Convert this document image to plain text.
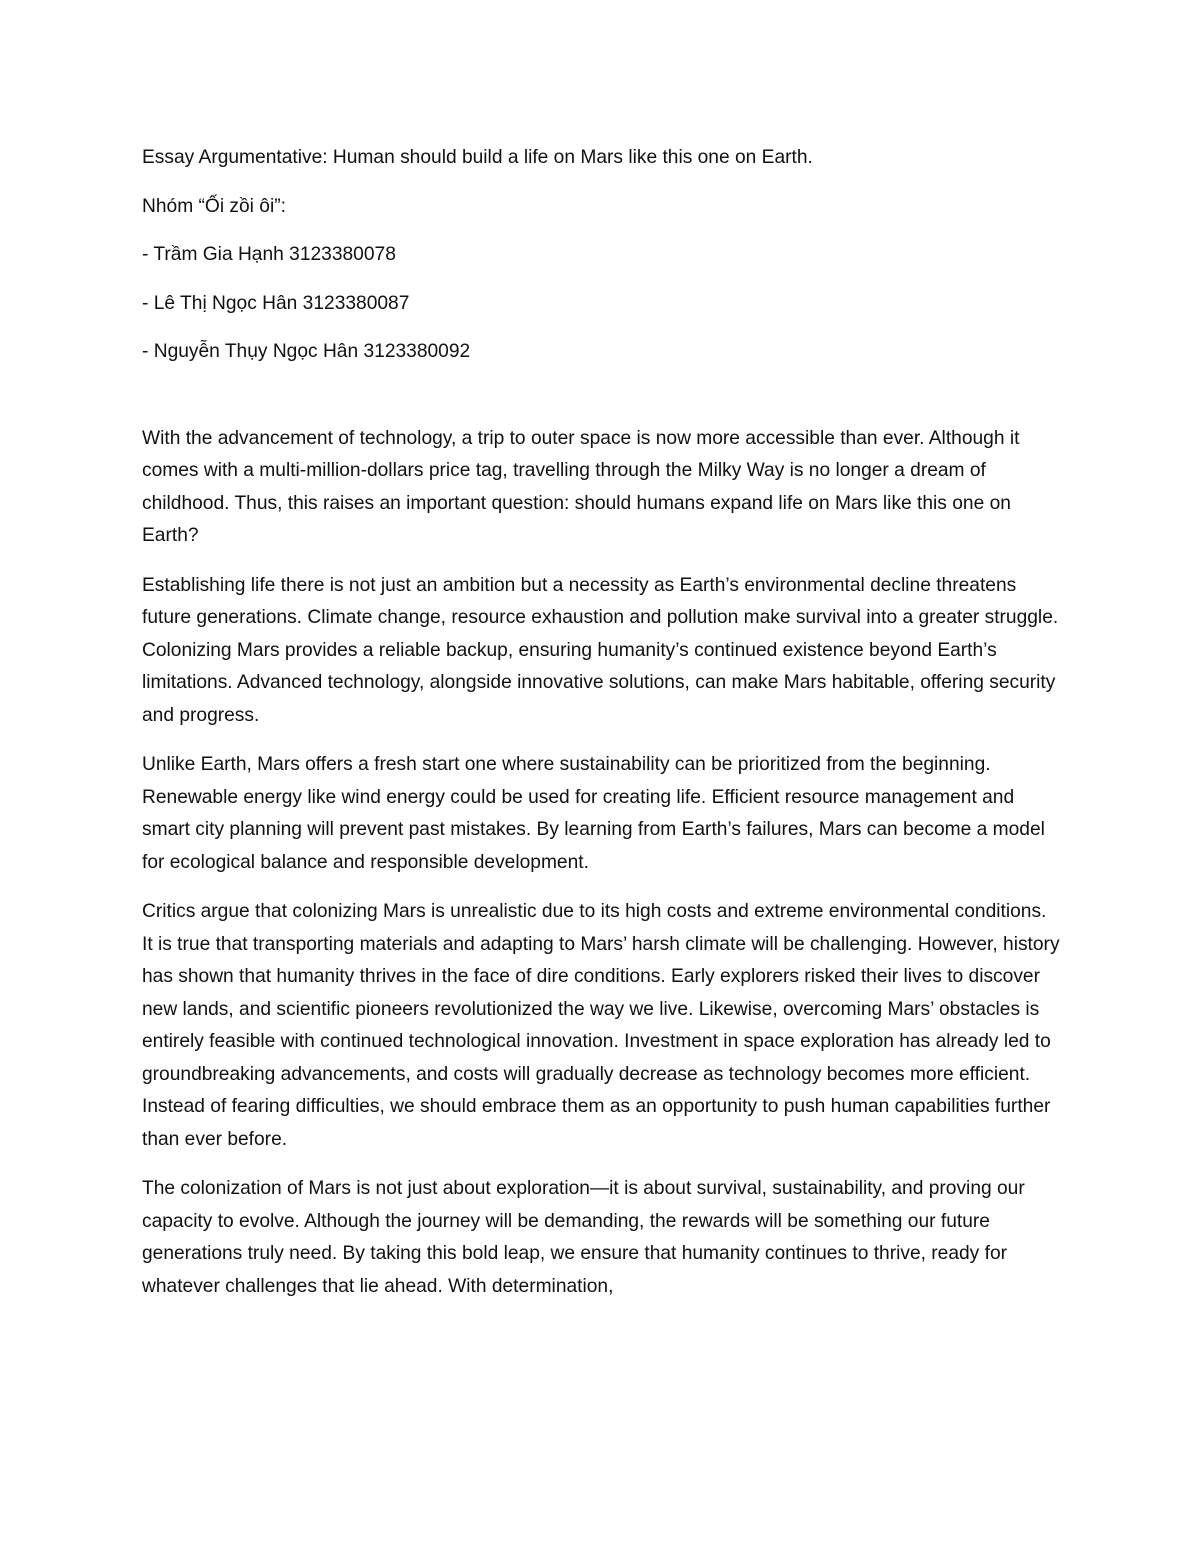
Essay Argumentative: Human should build a life on Mars like this one on Earth.

Nhóm “Ối zồi ôi”:

- Trầm Gia Hạnh 3123380078
- Lê Thị Ngọc Hân 3123380087
- Nguyễn Thụy Ngọc Hân 3123380092

With the advancement of technology, a trip to outer space is now more accessible than ever. Although it comes with a multi-million-dollars price tag, travelling through the Milky Way is no longer a dream of childhood. Thus, this raises an important question: should humans expand life on Mars like this one on Earth?

Establishing life there is not just an ambition but a necessity as Earth’s environmental decline threatens future generations. Climate change, resource exhaustion and pollution make survival into a greater struggle. Colonizing Mars provides a reliable backup, ensuring humanity’s continued existence beyond Earth’s limitations. Advanced technology, alongside innovative solutions, can make Mars habitable, offering security and progress.

Unlike Earth, Mars offers a fresh start one where sustainability can be prioritized from the beginning. Renewable energy like wind energy could be used for creating life. Efficient resource management and smart city planning will prevent past mistakes. By learning from Earth’s failures, Mars can become a model for ecological balance and responsible development.

Critics argue that colonizing Mars is unrealistic due to its high costs and extreme environmental conditions. It is true that transporting materials and adapting to Mars’ harsh climate will be challenging. However, history has shown that humanity thrives in the face of dire conditions. Early explorers risked their lives to discover new lands, and scientific pioneers revolutionized the way we live. Likewise, overcoming Mars’ obstacles is entirely feasible with continued technological innovation. Investment in space exploration has already led to groundbreaking advancements, and costs will gradually decrease as technology becomes more efficient. Instead of fearing difficulties, we should embrace them as an opportunity to push human capabilities further than ever before.

The colonization of Mars is not just about exploration—it is about survival, sustainability, and proving our capacity to evolve. Although the journey will be demanding, the rewards will be something our future generations truly need. By taking this bold leap, we ensure that humanity continues to thrive, ready for whatever challenges that lie ahead. With determination,
